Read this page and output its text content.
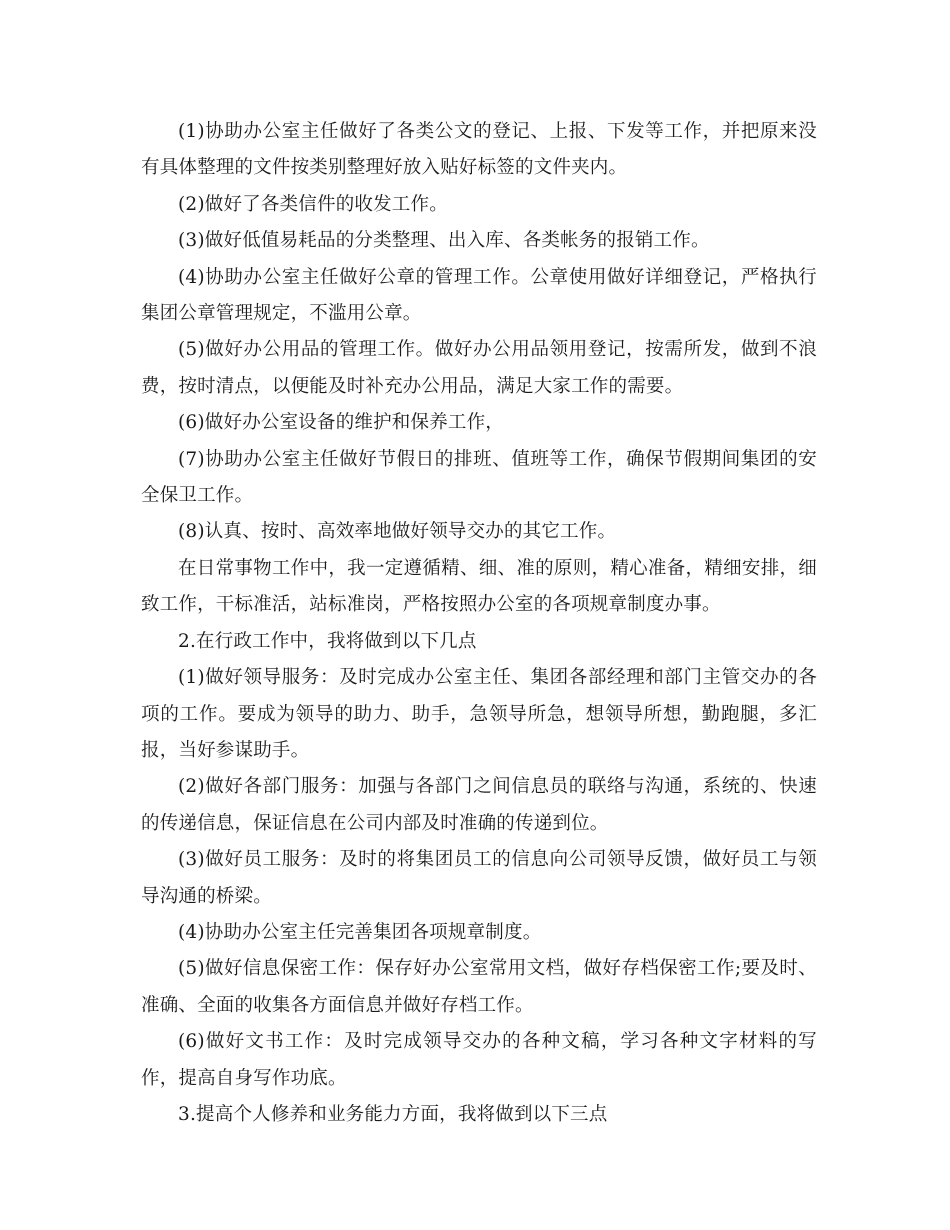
(1)协助办公室主任做好了各类公文的登记、上报、下发等工作，并把原来没有具体整理的文件按类别整理好放入贴好标签的文件夹内。

(2)做好了各类信件的收发工作。

(3)做好低值易耗品的分类整理、出入库、各类帐务的报销工作。

(4)协助办公室主任做好公章的管理工作。公章使用做好详细登记，严格执行集团公章管理规定，不滥用公章。

(5)做好办公用品的管理工作。做好办公用品领用登记，按需所发，做到不浪费，按时清点，以便能及时补充办公用品，满足大家工作的需要。

(6)做好办公室设备的维护和保养工作，

(7)协助办公室主任做好节假日的排班、值班等工作，确保节假期间集团的安全保卫工作。

(8)认真、按时、高效率地做好领导交办的其它工作。

在日常事物工作中，我一定遵循精、细、准的原则，精心准备，精细安排，细致工作，干标准活，站标准岗，严格按照办公室的各项规章制度办事。

2.在行政工作中，我将做到以下几点

(1)做好领导服务：及时完成办公室主任、集团各部经理和部门主管交办的各项的工作。要成为领导的助力、助手，急领导所急，想领导所想，勤跑腿，多汇报，当好参谋助手。

(2)做好各部门服务：加强与各部门之间信息员的联络与沟通，系统的、快速的传递信息，保证信息在公司内部及时准确的传递到位。

(3)做好员工服务：及时的将集团员工的信息向公司领导反馈，做好员工与领导沟通的桥梁。

(4)协助办公室主任完善集团各项规章制度。

(5)做好信息保密工作：保存好办公室常用文档，做好存档保密工作;要及时、准确、全面的收集各方面信息并做好存档工作。

(6)做好文书工作：及时完成领导交办的各种文稿，学习各种文字材料的写作，提高自身写作功底。

3.提高个人修养和业务能力方面，我将做到以下三点
